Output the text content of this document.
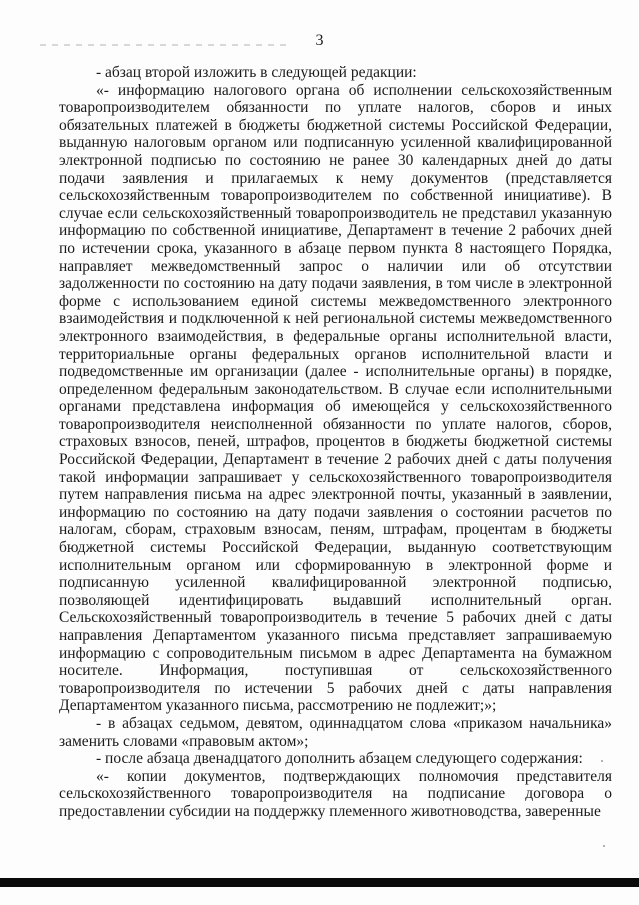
3

- абзац второй изложить в следующей редакции:

«- информацию налогового органа об исполнении сельскохозяйственным товаропроизводителем обязанности по уплате налогов, сборов и иных обязательных платежей в бюджеты бюджетной системы Российской Федерации, выданную налоговым органом или подписанную усиленной квалифицированной электронной подписью по состоянию не ранее 30 календарных дней до даты подачи заявления и прилагаемых к нему документов (представляется сельскохозяйственным товаропроизводителем по собственной инициативе). В случае если сельскохозяйственный товаропроизводитель не представил указанную информацию по собственной инициативе, Департамент в течение 2 рабочих дней по истечении срока, указанного в абзаце первом пункта 8 настоящего Порядка, направляет межведомственный запрос о наличии или об отсутствии задолженности по состоянию на дату подачи заявления, в том числе в электронной форме с использованием единой системы межведомственного электронного взаимодействия и подключенной к ней региональной системы межведомственного электронного взаимодействия, в федеральные органы исполнительной власти, территориальные органы федеральных органов исполнительной власти и подведомственные им организации (далее - исполнительные органы) в порядке, определенном федеральным законодательством. В случае если исполнительными органами представлена информация об имеющейся у сельскохозяйственного товаропроизводителя неисполненной обязанности по уплате налогов, сборов, страховых взносов, пеней, штрафов, процентов в бюджеты бюджетной системы Российской Федерации, Департамент в течение 2 рабочих дней с даты получения такой информации запрашивает у сельскохозяйственного товаропроизводителя путем направления письма на адрес электронной почты, указанный в заявлении, информацию по состоянию на дату подачи заявления о состоянии расчетов по налогам, сборам, страховым взносам, пеням, штрафам, процентам в бюджеты бюджетной системы Российской Федерации, выданную соответствующим исполнительным органом или сформированную в электронной форме и подписанную усиленной квалифицированной электронной подписью, позволяющей идентифицировать выдавший исполнительный орган. Сельскохозяйственный товаропроизводитель в течение 5 рабочих дней с даты направления Департаментом указанного письма представляет запрашиваемую информацию с сопроводительным письмом в адрес Департамента на бумажном носителе. Информация, поступившая от сельскохозяйственного товаропроизводителя по истечении 5 рабочих дней с даты направления Департаментом указанного письма, рассмотрению не подлежит;»;

- в абзацах седьмом, девятом, одиннадцатом слова «приказом начальника» заменить словами «правовым актом»;

- после абзаца двенадцатого дополнить абзацем следующего содержания:

«- копии документов, подтверждающих полномочия представителя сельскохозяйственного товаропроизводителя на подписание договора о предоставлении субсидии на поддержку племенного животноводства, заверенные
